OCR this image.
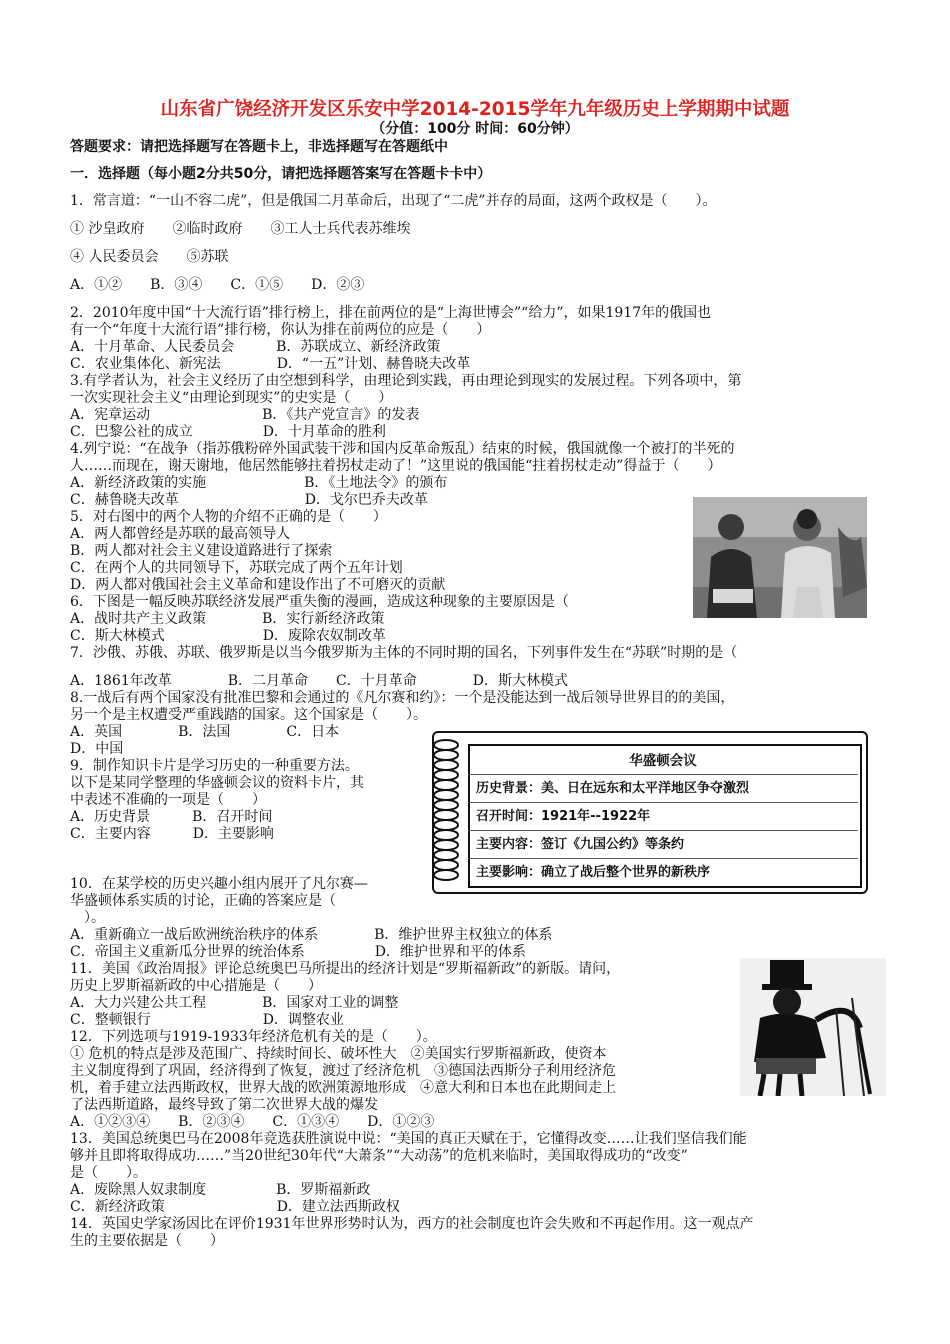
山东省广饶经济开发区乐安中学2014-2015学年九年级历史上学期期中试题
（分值：100分 时间：60分钟）
答题要求：请把选择题写在答题卡上，非选择题写在答题纸中
一．选择题（每小题2分共50分，请把选择题答案写在答题卡卡中）
1．常言道：“一山不容二虎”，但是俄国二月革命后，出现了“二虎”并存的局面，这两个政权是（　　）。
① 沙皇政府　　②临时政府　　③工人士兵代表苏维埃
④ 人民委员会　　⑤苏联
A．①②　　B．③④　　C．①⑤　　D．②③
2．2010年度中国“十大流行语”排行榜上，排在前两位的是“上海世博会”“给力”，如果1917年的俄国也
有一个“年度十大流行语”排行榜，你认为排在前两位的应是（　　）
A．十月革命、人民委员会　　　B．苏联成立、新经济政策
C．农业集体化、新宪法　　　　D．“一五”计划、赫鲁晓夫改革
3.有学者认为，社会主义经历了由空想到科学，由理论到实践，再由理论到现实的发展过程。下列各项中，第
一次实现社会主义“由理论到现实”的史实是（　　）
A．宪章运动　　　　　　　　B．《共产党宣言》的发表
C．巴黎公社的成立　　　　　D．十月革命的胜利
4.列宁说：“在战争（指苏俄粉碎外国武装干涉和国内反革命叛乱）结束的时候，俄国就像一个被打的半死的
人……而现在，谢天谢地，他居然能够拄着拐杖走动了！”这里说的俄国能“拄着拐杖走动”得益于（　　）
A．新经济政策的实施　　　　　　　B．《土地法令》的颁布
C．赫鲁晓夫改革　　　　　　　　　D．戈尔巴乔夫改革
5．对右图中的两个人物的介绍不正确的是（　　）
A．两人都曾经是苏联的最高领导人
B．两人都对社会主义建设道路进行了探索
C．在两个人的共同领导下，苏联完成了两个五年计划
D．两人都对俄国社会主义革命和建设作出了不可磨灭的贡献
6．下图是一幅反映苏联经济发展严重失衡的漫画，造成这种现象的主要原因是（
A．战时共产主义政策　　　　B．实行新经济政策
C．斯大林模式　　　　　　　D．废除农奴制改革
7．沙俄、苏俄、苏联、俄罗斯是以当今俄罗斯为主体的不同时期的国名，下列事件发生在“苏联”时期的是（
A．1861年改革　　　　B．二月革命　　C．十月革命　　　　D．斯大林模式
8.一战后有两个国家没有批准巴黎和会通过的《凡尔赛和约》：一个是没能达到一战后领导世界目的的美国，
另一个是主权遭受严重践踏的国家。这个国家是（　　）。
A．英国　　　　B．法国　　　　C．日本
D．中国
9．制作知识卡片是学习历史的一种重要方法。
以下是某同学整理的华盛顿会议的资料卡片，其
中表述不准确的一项是（　　）
A．历史背景　　　B．召开时间
C．主要内容　　　D．主要影响
10．在某学校的历史兴趣小组内展开了凡尔赛—
华盛顿体系实质的讨论，正确的答案应是（
　）。
A．重新确立一战后欧洲统治秩序的体系　　　　B．维护世界主权独立的体系
C．帝国主义重新瓜分世界的统治体系　　　　　D．维护世界和平的体系
11．美国《政治周报》评论总统奥巴马所提出的经济计划是“罗斯福新政”的新版。请问，
历史上罗斯福新政的中心措施是（　　）
A．大力兴建公共工程　　　　B．国家对工业的调整
C．整顿银行　　　　　　　　D．调整农业
12．下列选项与1919-1933年经济危机有关的是（　　）。
① 危机的特点是涉及范围广、持续时间长、破坏性大　②美国实行罗斯福新政，使资本
主义制度得到了巩固，经济得到了恢复，渡过了经济危机　③德国法西斯分子利用经济危
机，着手建立法西斯政权，世界大战的欧洲策源地形成　④意大利和日本也在此期间走上
了法西斯道路，最终导致了第二次世界大战的爆发
A．①②③④　　B．②③④　　C．①③④　　D．①②③
13．美国总统奥巴马在2008年竞选获胜演说中说：“美国的真正天赋在于，它懂得改变……让我们坚信我们能
够并且即将取得成功……”当20世纪30年代“大萧条”“大动荡”的危机来临时，美国取得成功的“改变”
是（　　）。
A．废除黑人奴隶制度　　　　　B．罗斯福新政
C．新经济政策　　　　　　　　D．建立法西斯政权
14．英国史学家汤因比在评价1931年世界形势时认为，西方的社会制度也许会失败和不再起作用。这一观点产
生的主要依据是（　　）
华盛顿会议
历史背景：美、日在远东和太平洋地区争夺激烈
召开时间：1921年--1922年
主要内容：签订《九国公约》等条约
主要影响：确立了战后整个世界的新秩序
